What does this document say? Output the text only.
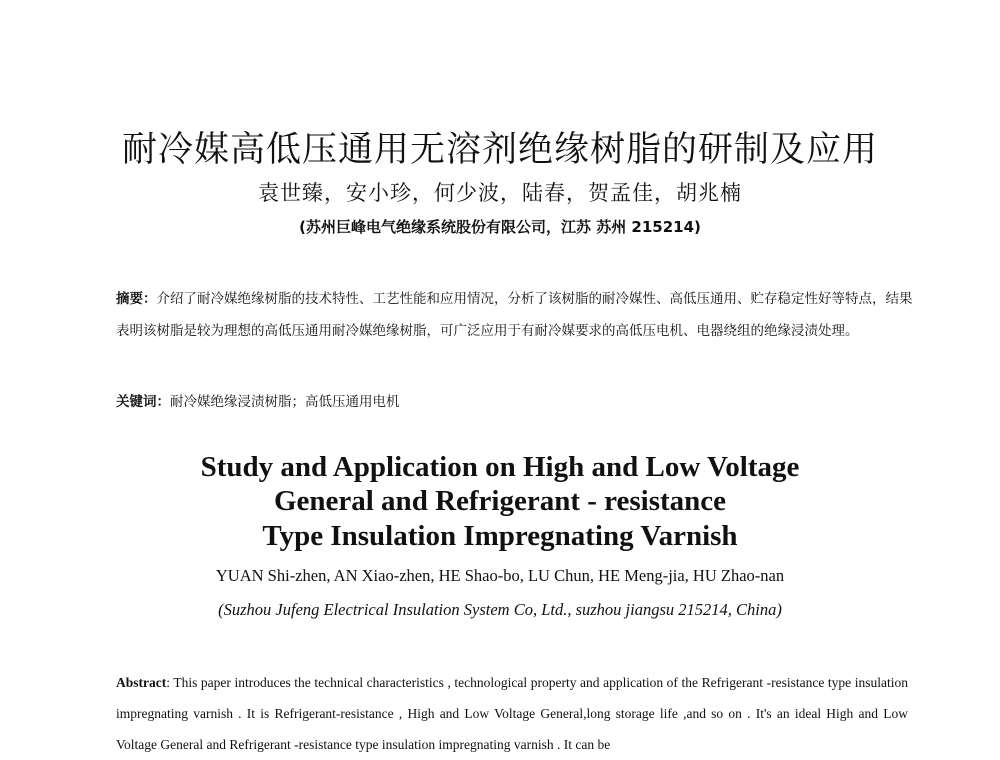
耐冷媒高低压通用无溶剂绝缘树脂的研制及应用
袁世臻，安小珍，何少波，陆春，贺孟佳，胡兆楠
(苏州巨峰电气绝缘系统股份有限公司，江苏 苏州 215214)
摘要：介绍了耐冷媒绝缘树脂的技术特性、工艺性能和应用情况，分析了该树脂的耐冷媒性、高低压通用、贮存稳定性好等特点，结果表明该树脂是较为理想的高低压通用耐冷媒绝缘树脂，可广泛应用于有耐冷媒要求的高低压电机、电器绕组的绝缘浸渍处理。
关键词：耐冷媒绝缘浸渍树脂；高低压通用电机
Study and Application on High and Low Voltage
General and Refrigerant - resistance
Type Insulation Impregnating Varnish
YUAN Shi-zhen, AN Xiao-zhen, HE Shao-bo, LU Chun, HE Meng-jia, HU Zhao-nan
(Suzhou Jufeng Electrical Insulation System Co, Ltd., suzhou jiangsu 215214, China)
Abstract: This paper introduces the technical characteristics , technological property and application of the Refrigerant -resistance type insulation impregnating varnish . It is Refrigerant-resistance , High and Low Voltage General,long storage life ,and so on . It's an ideal High and Low Voltage General and Refrigerant -resistance type insulation impregnating varnish . It can be
